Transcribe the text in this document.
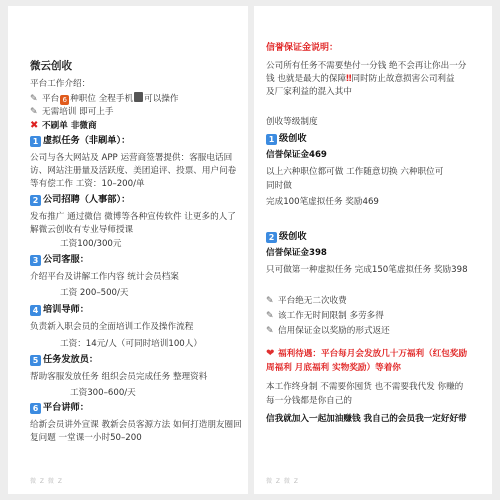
微云创收
平台工作介绍：
✎ 平台 6 种职位 全程手机 可以操作
✎ 无需培训 即可上手
✖ 不刷单 非微商
1 虚拟任务（非刷单）：
公司与各大网站及 APP 运营商签署提供：客服电话回
访、网站注册量及活跃度、美团追评、投票、用户问卷
等有偿工作 工资：10–200/单
2 公司招聘（人事部）：
发布推广 通过微信 微博等各种宣传软件 让更多的人了
解微云创收有专业导师授课
工资100/300元
3 公司客服：
介绍平台及讲解工作内容 统计会员档案
工资 200–500/天
4 培训导师：
负责新入职会员的全面培训工作及操作流程
工资：14元/人（可同时培训100人）
5 任务发放员：
帮助客服发放任务 组织会员完成任务 整理资料
工资300–600/天
6 平台讲师：
给新会员讲外宣课 教新会员客源方法 如何打造朋友圈回
复问题 一堂课一小时50–200
微 Z 微 Z
信誉保证金说明：
公司所有任务不需要垫付一分钱 绝不会再让你出一分
钱 也就是最大的保障‼同时防止故意损害公司利益
及厂家利益的混入其中
创收等级制度
1 级创收
信誉保证金469
以上六种职位都可做 工作随意切换 六种职位可
同时做
完成100笔虚拟任务 奖励469
2 级创收
信誉保证金398
只可做第一种虚拟任务 完成150笔虚拟任务 奖励398
✎ 平台绝无二次收费
✎ 该工作无时间限制 多劳多得
✎ 信用保证金以奖励的形式返还
❤ 福利待遇：平台每月会发放几十万福利（红包奖励
周福利 月底福利 实物奖励）等着你
本工作终身制 不需要你囤货 也不需要我代发 你赚的
每一分钱都是你自己的
信我就加入一起加油赚钱 我自己的会员我一定好好带
微 Z 微 Z
